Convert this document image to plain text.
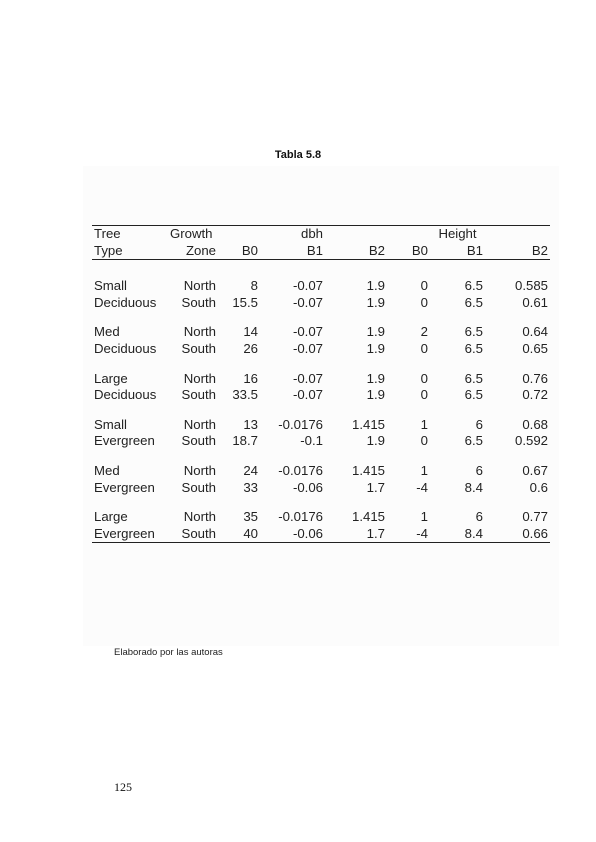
Tabla 5.8
Tree	Growth		dbh			Height	
Type	Zone	B0	B1	B2	B0	B1	B2

Small	North	8	-0.07	1.9	0	6.5	0.585
Deciduous	South	15.5	-0.07	1.9	0	6.5	0.61

Med	North	14	-0.07	1.9	2	6.5	0.64
Deciduous	South	26	-0.07	1.9	0	6.5	0.65

Large	North	16	-0.07	1.9	0	6.5	0.76
Deciduous	South	33.5	-0.07	1.9	0	6.5	0.72

Small	North	13	-0.0176	1.415	1	6	0.68
Evergreen	South	18.7	-0.1	1.9	0	6.5	0.592

Med	North	24	-0.0176	1.415	1	6	0.67
Evergreen	South	33	-0.06	1.7	-4	8.4	0.6

Large	North	35	-0.0176	1.415	1	6	0.77
Evergreen	South	40	-0.06	1.7	-4	8.4	0.66
Elaborado por las autoras
125
